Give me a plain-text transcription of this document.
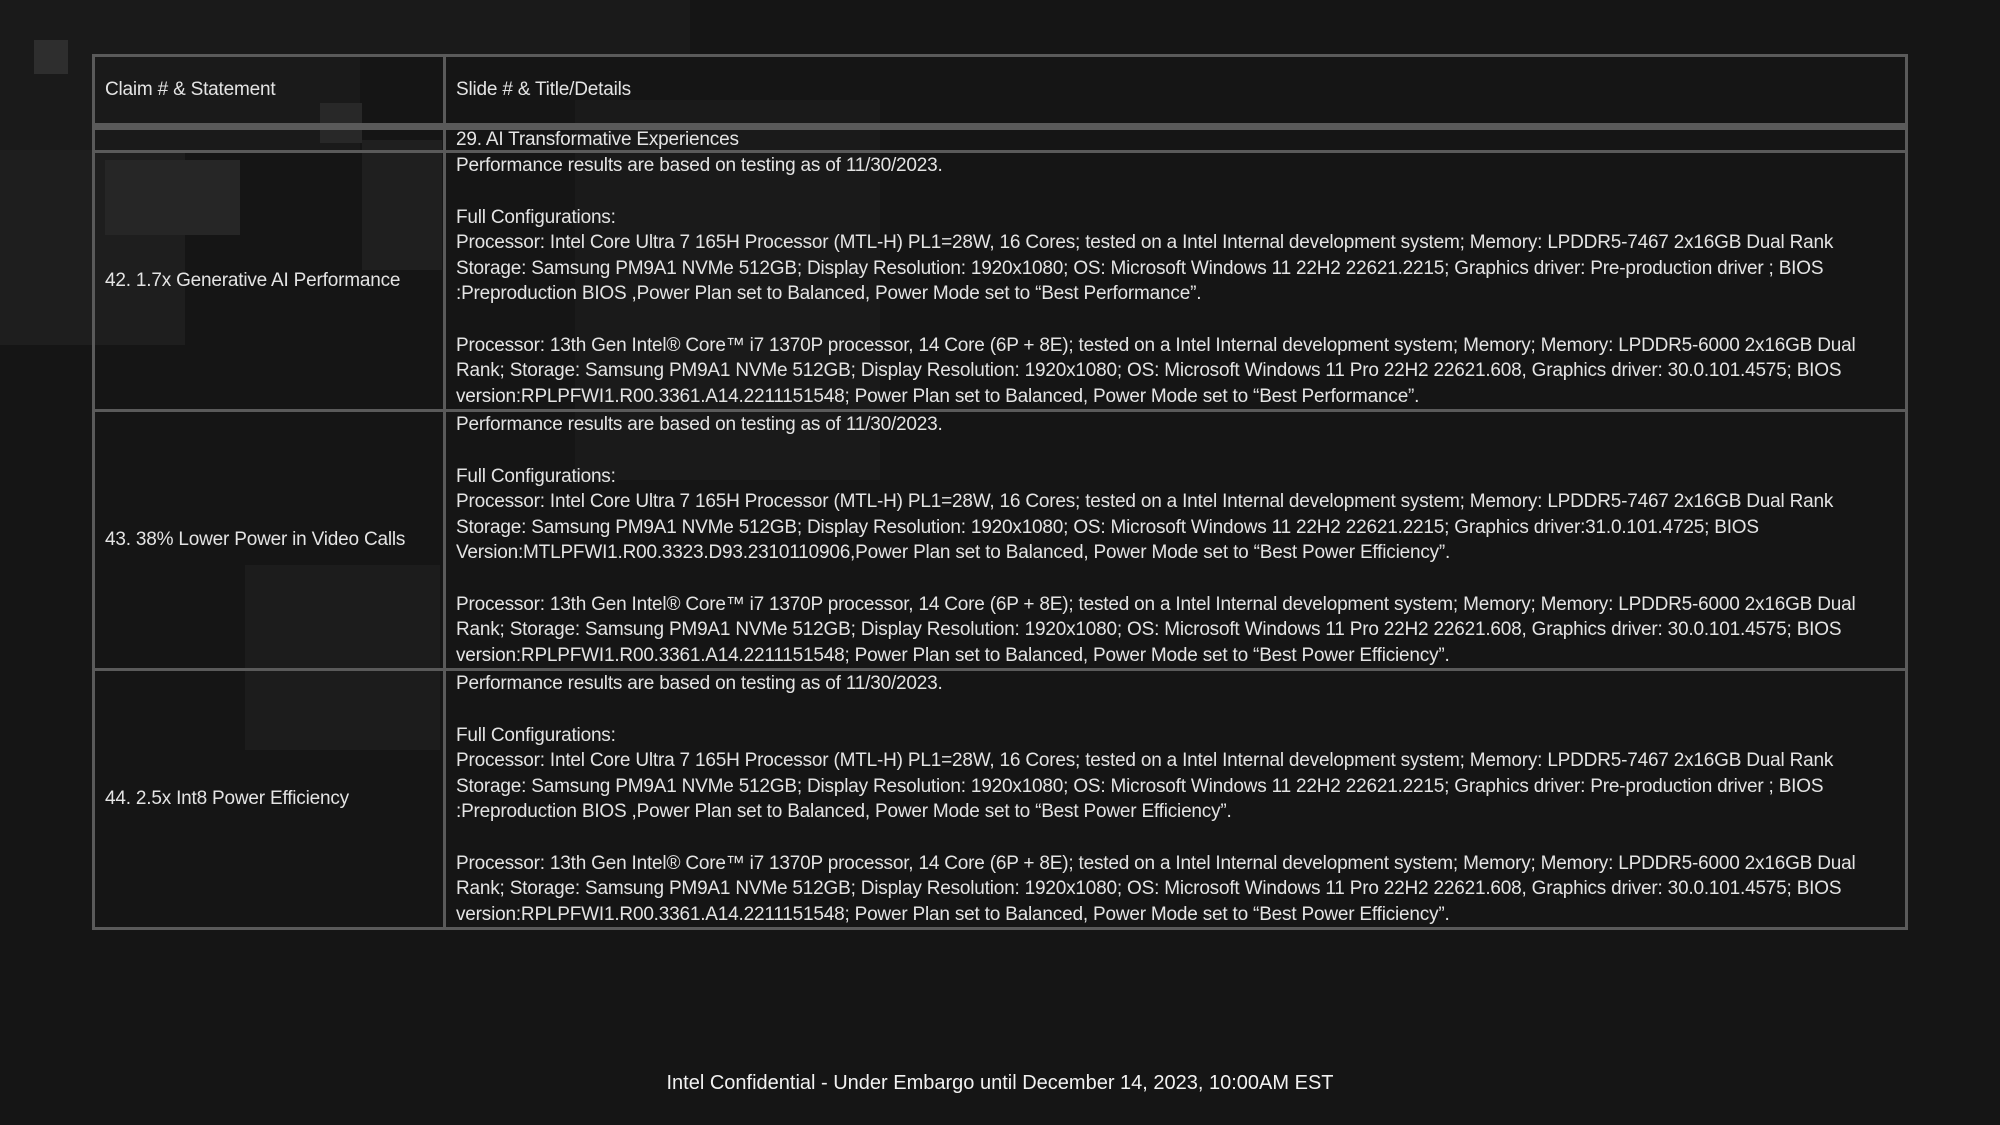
Claim # & Statement	Slide # & Title/Details
	29. AI Transformative Experiences
42. 1.7x Generative AI Performance	Performance results are based on testing as of 11/30/2023.
Full Configurations:
Processor: Intel Core Ultra 7 165H Processor (MTL-H) PL1=28W, 16 Cores; tested on a Intel Internal development system; Memory: LPDDR5-7467 2x16GB Dual Rank Storage: Samsung PM9A1 NVMe 512GB; Display Resolution: 1920x1080; OS: Microsoft Windows 11 22H2 22621.2215; Graphics driver: Pre-production driver ; BIOS :Preproduction BIOS ,Power Plan set to Balanced, Power Mode set to “Best Performance”.
Processor: 13th Gen Intel® Core™ i7 1370P processor, 14 Core (6P + 8E); tested on a Intel Internal development system; Memory; Memory: LPDDR5-6000 2x16GB Dual Rank; Storage: Samsung PM9A1 NVMe 512GB; Display Resolution: 1920x1080; OS: Microsoft Windows 11 Pro 22H2 22621.608, Graphics driver: 30.0.101.4575; BIOS version:RPLPFWI1.R00.3361.A14.2211151548; Power Plan set to Balanced, Power Mode set to “Best Performance”.

43. 38% Lower Power in Video Calls	Performance results are based on testing as of 11/30/2023.
Full Configurations:
Processor: Intel Core Ultra 7 165H Processor (MTL-H) PL1=28W, 16 Cores; tested on a Intel Internal development system; Memory: LPDDR5-7467 2x16GB Dual Rank Storage: Samsung PM9A1 NVMe 512GB; Display Resolution: 1920x1080; OS: Microsoft Windows 11 22H2 22621.2215; Graphics driver:31.0.101.4725; BIOS Version:MTLPFWI1.R00.3323.D93.2310110906,Power Plan set to Balanced, Power Mode set to “Best Power Efficiency”.
Processor: 13th Gen Intel® Core™ i7 1370P processor, 14 Core (6P + 8E); tested on a Intel Internal development system; Memory; Memory: LPDDR5-6000 2x16GB Dual Rank; Storage: Samsung PM9A1 NVMe 512GB; Display Resolution: 1920x1080; OS: Microsoft Windows 11 Pro 22H2 22621.608, Graphics driver: 30.0.101.4575; BIOS version:RPLPFWI1.R00.3361.A14.2211151548; Power Plan set to Balanced, Power Mode set to “Best Power Efficiency”.

44. 2.5x Int8 Power Efficiency	Performance results are based on testing as of 11/30/2023.
Full Configurations:
Processor: Intel Core Ultra 7 165H Processor (MTL-H) PL1=28W, 16 Cores; tested on a Intel Internal development system; Memory: LPDDR5-7467 2x16GB Dual Rank Storage: Samsung PM9A1 NVMe 512GB; Display Resolution: 1920x1080; OS: Microsoft Windows 11 22H2 22621.2215; Graphics driver: Pre-production driver ; BIOS :Preproduction BIOS ,Power Plan set to Balanced, Power Mode set to “Best Power Efficiency”.
Processor: 13th Gen Intel® Core™ i7 1370P processor, 14 Core (6P + 8E); tested on a Intel Internal development system; Memory; Memory: LPDDR5-6000 2x16GB Dual Rank; Storage: Samsung PM9A1 NVMe 512GB; Display Resolution: 1920x1080; OS: Microsoft Windows 11 Pro 22H2 22621.608, Graphics driver: 30.0.101.4575; BIOS version:RPLPFWI1.R00.3361.A14.2211151548; Power Plan set to Balanced, Power Mode set to “Best Power Efficiency”.
Intel Confidential - Under Embargo until December 14, 2023, 10:00AM EST
